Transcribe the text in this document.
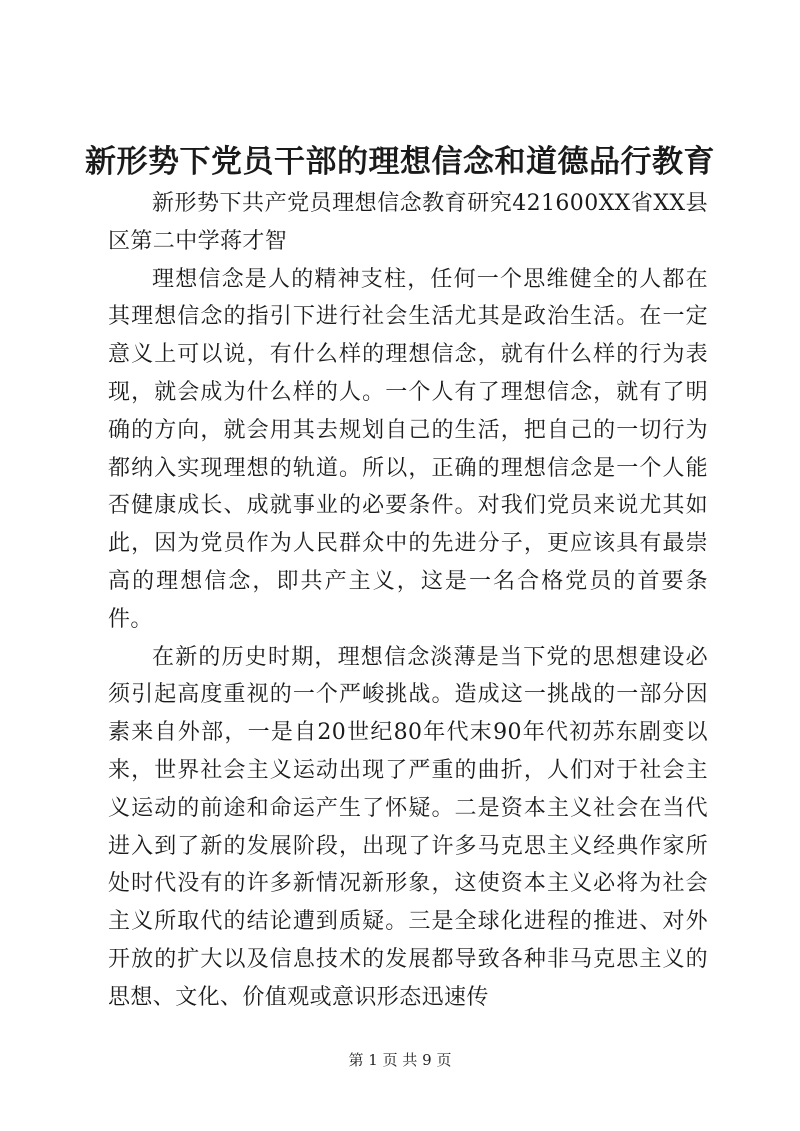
新形势下党员干部的理想信念和道德品行教育

新形势下共产党员理想信念教育研究421600XX省XX县区第二中学蒋才智

理想信念是人的精神支柱，任何一个思维健全的人都在其理想信念的指引下进行社会生活尤其是政治生活。在一定意义上可以说，有什么样的理想信念，就有什么样的行为表现，就会成为什么样的人。一个人有了理想信念，就有了明确的方向，就会用其去规划自己的生活，把自己的一切行为都纳入实现理想的轨道。所以，正确的理想信念是一个人能否健康成长、成就事业的必要条件。对我们党员来说尤其如此，因为党员作为人民群众中的先进分子，更应该具有最崇高的理想信念，即共产主义，这是一名合格党员的首要条件。

在新的历史时期，理想信念淡薄是当下党的思想建设必须引起高度重视的一个严峻挑战。造成这一挑战的一部分因素来自外部，一是自20世纪80年代末90年代初苏东剧变以来，世界社会主义运动出现了严重的曲折，人们对于社会主义运动的前途和命运产生了怀疑。二是资本主义社会在当代进入到了新的发展阶段，出现了许多马克思主义经典作家所处时代没有的许多新情况新形象，这使资本主义必将为社会主义所取代的结论遭到质疑。三是全球化进程的推进、对外开放的扩大以及信息技术的发展都导致各种非马克思主义的思想、文化、价值观或意识形态迅速传

第 1 页 共 9 页
